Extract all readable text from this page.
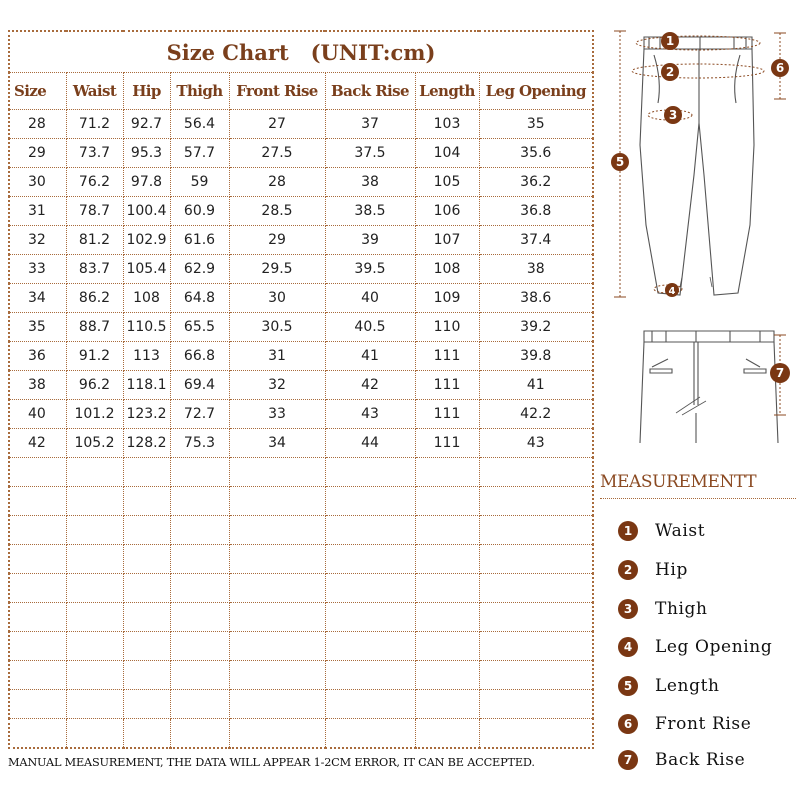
Size Chart (UNIT:cm)							
Size	Waist	Hip	Thigh	Front Rise	Back Rise	Length	Leg Opening
28	71.2	92.7	56.4	27	37	103	35
29	73.7	95.3	57.7	27.5	37.5	104	35.6
30	76.2	97.8	59	28	38	105	36.2
31	78.7	100.4	60.9	28.5	38.5	106	36.8
32	81.2	102.9	61.6	29	39	107	37.4
33	83.7	105.4	62.9	29.5	39.5	108	38
34	86.2	108	64.8	30	40	109	38.6
35	88.7	110.5	65.5	30.5	40.5	110	39.2
36	91.2	113	66.8	31	41	111	39.8
38	96.2	118.1	69.4	32	42	111	41
40	101.2	123.2	72.7	33	43	111	42.2
42	105.2	128.2	75.3	34	44	111	43

MANUAL MEASUREMENT, THE DATA WILL APPEAR 1-2CM ERROR, IT CAN BE ACCEPTED.
1
2
3
4
5
6
7
MEASUREMENTT
1	Waist
2	Hip
3	Thigh
4	Leg Opening
5	Length
6	Front Rise
7	Back Rise
